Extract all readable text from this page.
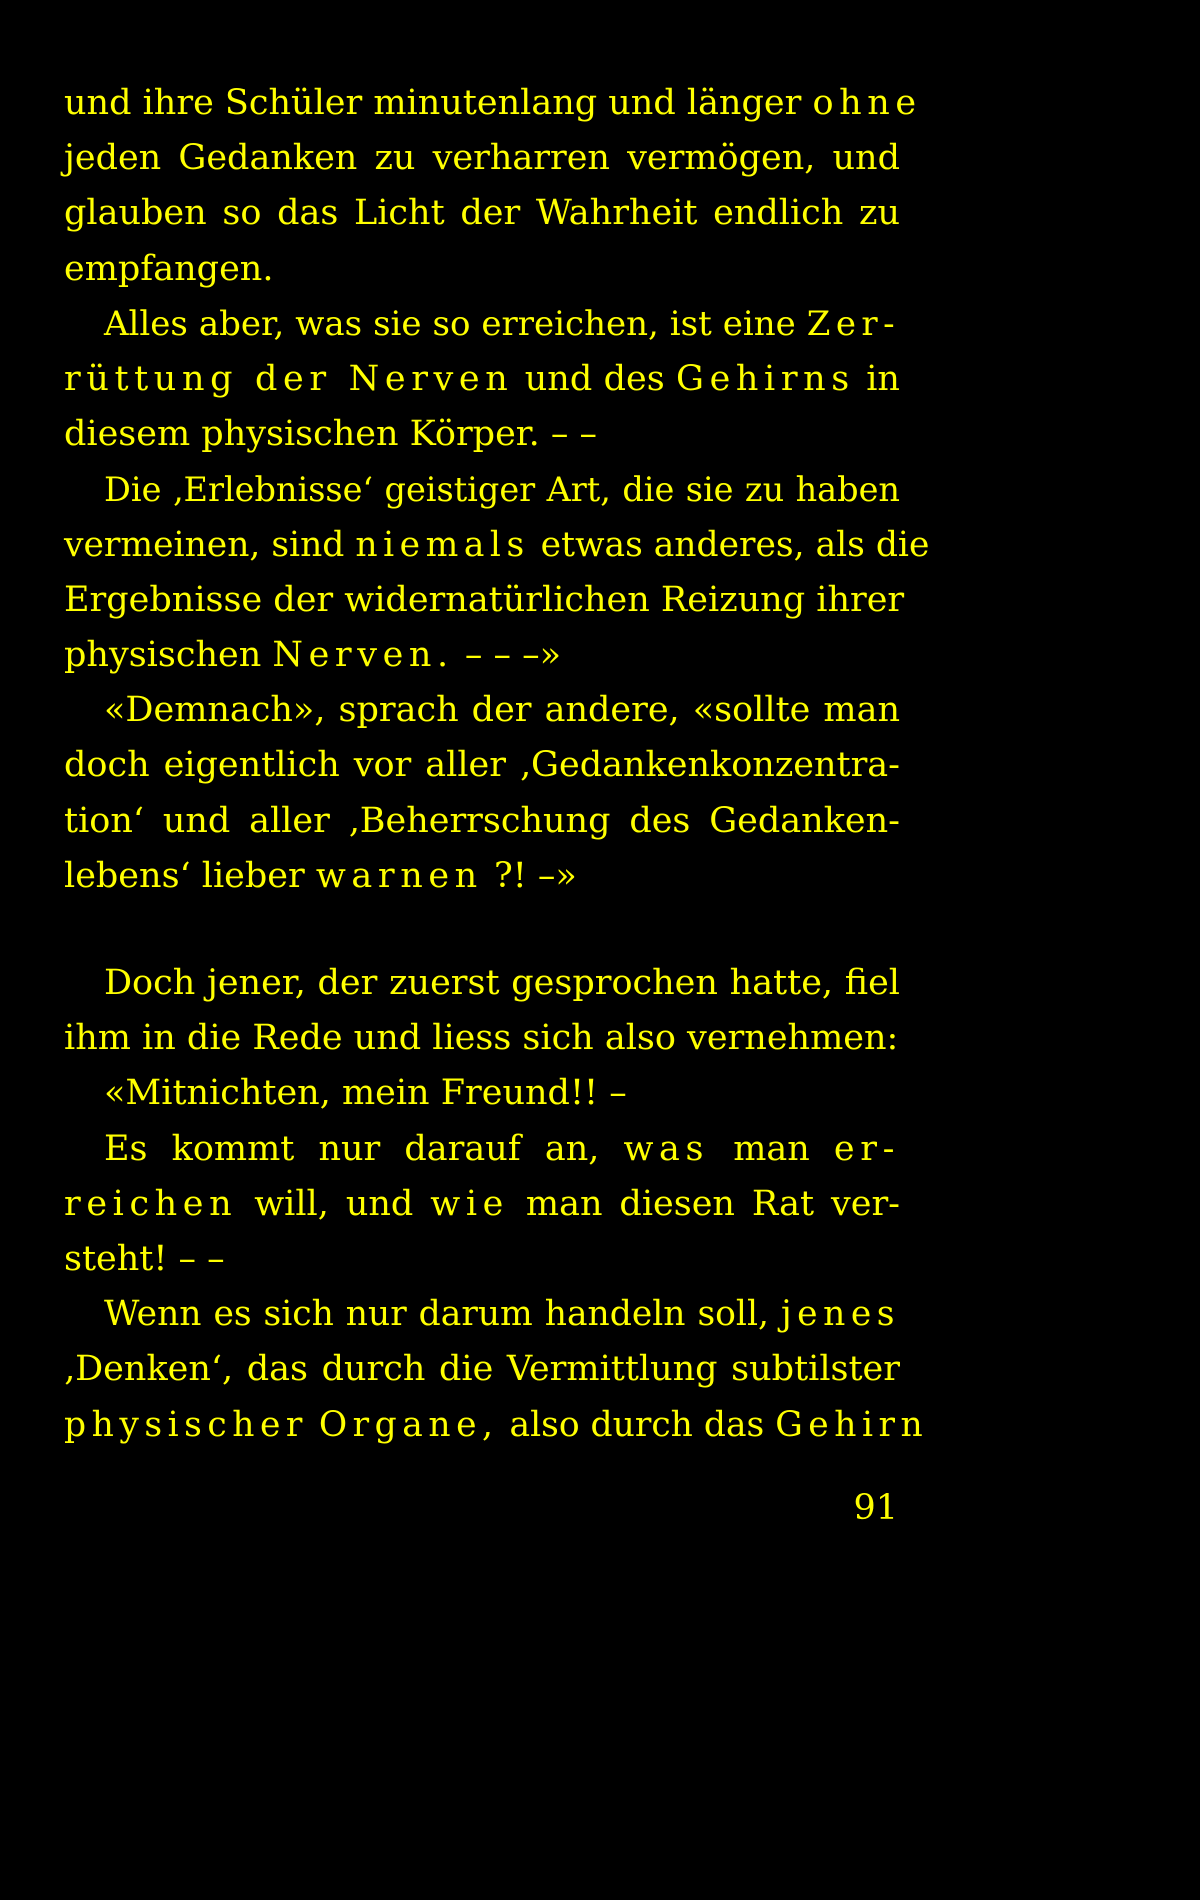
und ihre Schüler minutenlang und länger ohne
jeden Gedanken zu verharren vermögen, und
glauben so das Licht der Wahrheit endlich zu
empfangen.
Alles aber, was sie so erreichen, ist eine Zer-
rüttung der Nerven und des Gehirns in
diesem physischen Körper. – –
Die ‚Erlebnisse‘ geistiger Art, die sie zu haben
vermeinen, sind niemals etwas anderes, als die
Ergebnisse der widernatürlichen Reizung ihrer
physischen Nerven. – – –»
«Demnach», sprach der andere, «sollte man
doch eigentlich vor aller ‚Gedankenkonzentra-
tion‘ und aller ‚Beherrschung des Gedanken-
lebens‘ lieber warnen ?! –»
Doch jener, der zuerst gesprochen hatte, fiel
ihm in die Rede und liess sich also vernehmen:
«Mitnichten, mein Freund!! –
Es kommt nur darauf an, was man er-
reichen will, und wie man diesen Rat ver-
steht! – –
Wenn es sich nur darum handeln soll, jenes
‚Denken‘, das durch die Vermittlung subtilster
physischer Organe, also durch das Gehirn
91
